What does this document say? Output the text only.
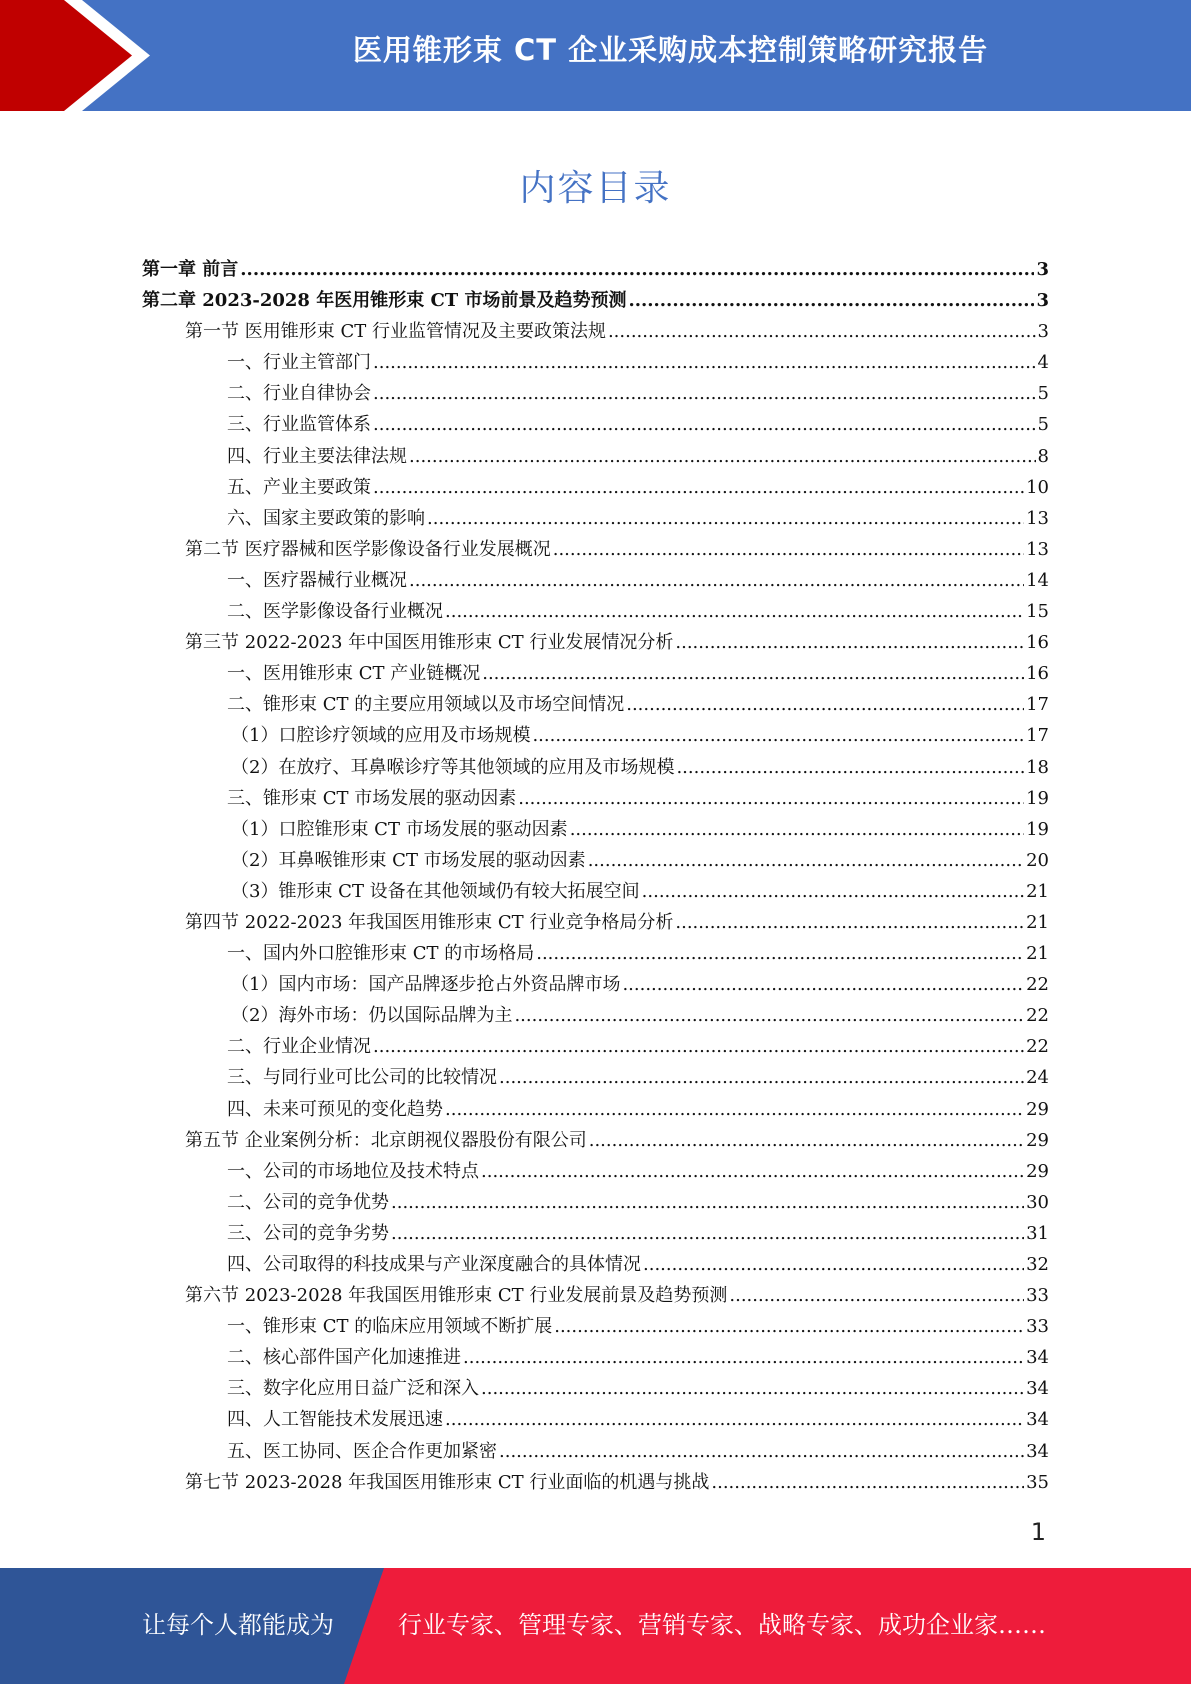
医用锥形束 CT 企业采购成本控制策略研究报告
内容目录
第一章 前言 .....	3
第二章 2023-2028 年医用锥形束 CT 市场前景及趋势预测 .....	3
第一节 医用锥形束 CT 行业监管情况及主要政策法规 .....	3
一、行业主管部门 .....	4
二、行业自律协会 .....	5
三、行业监管体系 .....	5
四、行业主要法律法规 .....	8
五、产业主要政策 .....	10
六、国家主要政策的影响 .....	13
第二节 医疗器械和医学影像设备行业发展概况 .....	13
一、医疗器械行业概况 .....	14
二、医学影像设备行业概况 .....	15
第三节 2022-2023 年中国医用锥形束 CT 行业发展情况分析 .....	16
一、医用锥形束 CT 产业链概况 .....	16
二、锥形束 CT 的主要应用领域以及市场空间情况 .....	17
（1）口腔诊疗领域的应用及市场规模 .....	17
（2）在放疗、耳鼻喉诊疗等其他领域的应用及市场规模 .....	18
三、锥形束 CT 市场发展的驱动因素 .....	19
（1）口腔锥形束 CT 市场发展的驱动因素 .....	19
（2）耳鼻喉锥形束 CT 市场发展的驱动因素 .....	20
（3）锥形束 CT 设备在其他领域仍有较大拓展空间 .....	21
第四节 2022-2023 年我国医用锥形束 CT 行业竞争格局分析 .....	21
一、国内外口腔锥形束 CT 的市场格局 .....	21
（1）国内市场：国产品牌逐步抢占外资品牌市场 .....	22
（2）海外市场：仍以国际品牌为主 .....	22
二、行业企业情况 .....	22
三、与同行业可比公司的比较情况 .....	24
四、未来可预见的变化趋势 .....	29
第五节 企业案例分析：北京朗视仪器股份有限公司 .....	29
一、公司的市场地位及技术特点 .....	29
二、公司的竞争优势 .....	30
三、公司的竞争劣势 .....	31
四、公司取得的科技成果与产业深度融合的具体情况 .....	32
第六节 2023-2028 年我国医用锥形束 CT 行业发展前景及趋势预测 .....	33
一、锥形束 CT 的临床应用领域不断扩展 .....	33
二、核心部件国产化加速推进 .....	34
三、数字化应用日益广泛和深入 .....	34
四、人工智能技术发展迅速 .....	34
五、医工协同、医企合作更加紧密 .....	34
第七节 2023-2028 年我国医用锥形束 CT 行业面临的机遇与挑战 .....	35
1
让每个人都能成为	行业专家、管理专家、营销专家、战略专家、成功企业家……
